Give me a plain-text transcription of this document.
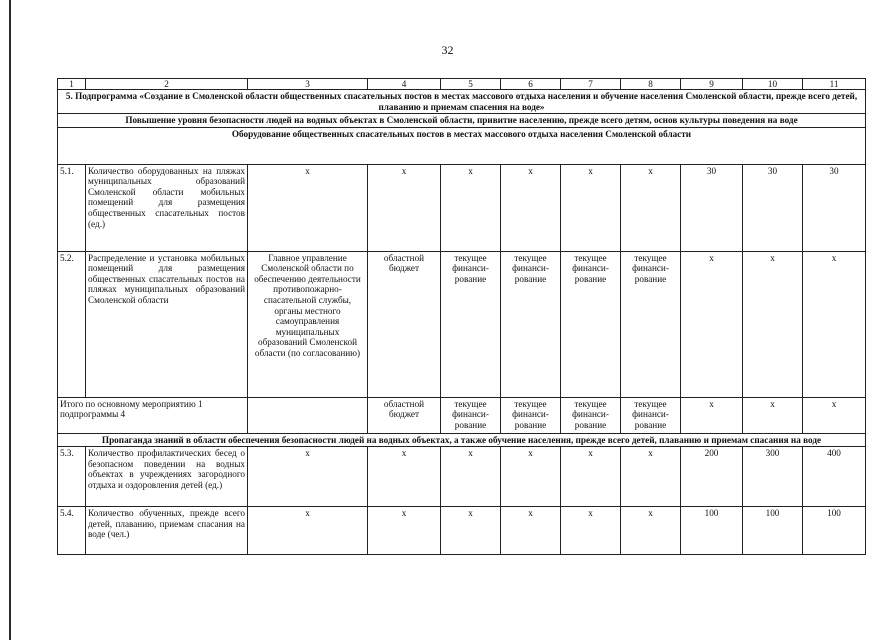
32
1	2	3	4	5	6	7	8	9	10	11
5. Подпрограмма «Создание в Смоленской области общественных спасательных постов в местах массового отдыха населения и обучение населения Смоленской области, прежде всего детей, плаванию и приемам спасения на воде»										
Повышение уровня безопасности людей на водных объектах в Смоленской области, привитие населению, прежде всего детям, основ культуры поведения на воде										
Оборудование общественных спасательных постов в местах массового отдыха населения Смоленской области										
5.1.	Количество оборудованных на пляжах муниципальных образований Смоленской области мобильных помещений для размещения общественных спасательных постов (ед.)	х	х	х	х	х	х	30	30	30
5.2.	Распределение и установка мобильных помещений для размещения общественных спасательных постов на пляжах муниципальных образований Смоленской области	Главное управление Смоленской области по обеспечению деятельности противопожарно-спасательной службы, органы местного самоуправления муниципальных образований Смоленской области (по согласованию)	областной бюджет	текущее финанси-рование	текущее финанси-рование	текущее финанси-рование	текущее финанси-рование	х	х	х
Итого по основному мероприятию 1 подпрограммы 4			областной бюджет	текущее финанси-рование	текущее финанси-рование	текущее финанси-рование	текущее финанси-рование	х	х	х
Пропаганда знаний в области обеспечения безопасности людей на водных объектах, а также обучение населения, прежде всего детей, плаванию и приемам спасания на воде										
5.3.	Количество профилактических бесед о безопасном поведении на водных объектах в учреждениях загородного отдыха и оздоровления детей (ед.)	х	х	х	х	х	х	200	300	400
5.4.	Количество обученных, прежде всего детей, плаванию, приемам спасания на воде (чел.)	х	х	х	х	х	х	100	100	100
